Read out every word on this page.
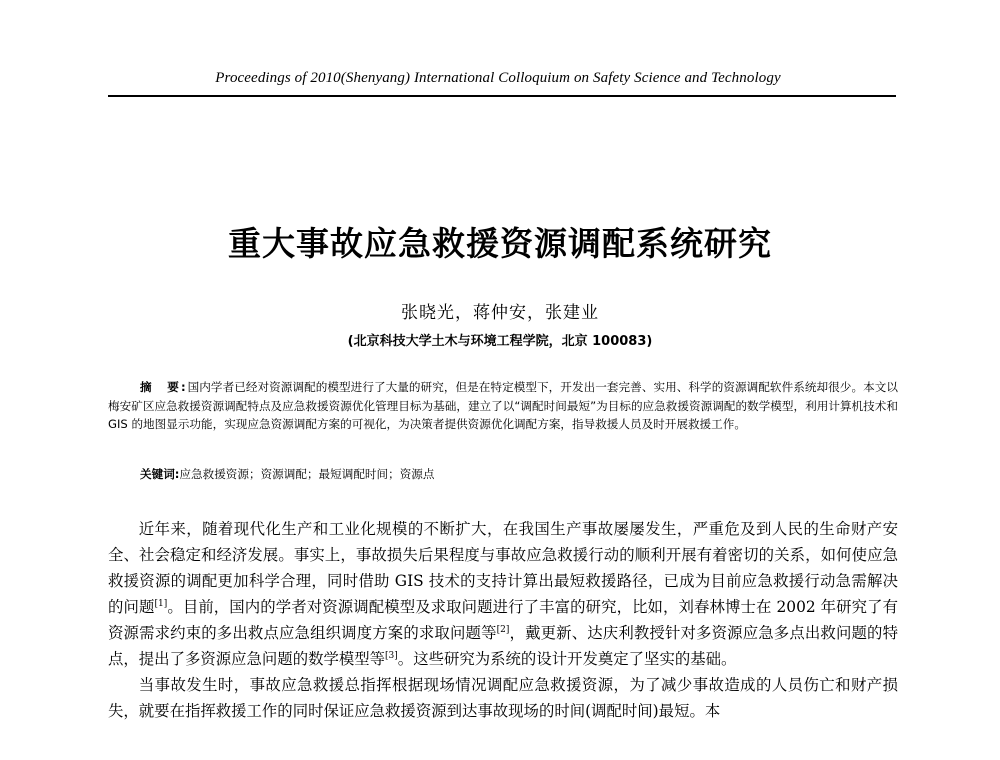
Proceedings of 2010(Shenyang) International Colloquium on Safety Science and Technology
重大事故应急救援资源调配系统研究
张晓光，蒋仲安，张建业
(北京科技大学土木与环境工程学院，北京 100083)
摘　要:国内学者已经对资源调配的模型进行了大量的研究，但是在特定模型下，开发出一套完善、实用、科学的资源调配软件系统却很少。本文以梅安矿区应急救援资源调配特点及应急救援资源优化管理目标为基础，建立了以“调配时间最短”为目标的应急救援资源调配的数学模型，利用计算机技术和 GIS 的地图显示功能，实现应急资源调配方案的可视化，为决策者提供资源优化调配方案，指导救援人员及时开展救援工作。
关键词:应急救援资源；资源调配；最短调配时间；资源点

近年来，随着现代化生产和工业化规模的不断扩大，在我国生产事故屡屡发生，严重危及到人民的生命财产安全、社会稳定和经济发展。事实上，事故损失后果程度与事故应急救援行动的顺利开展有着密切的关系，如何使应急救援资源的调配更加科学合理，同时借助 GIS 技术的支持计算出最短救援路径，已成为目前应急救援行动急需解决的问题[1]。目前，国内的学者对资源调配模型及求取问题进行了丰富的研究，比如，刘春林博士在 2002 年研究了有资源需求约束的多出救点应急组织调度方案的求取问题等[2]，戴更新、达庆利教授针对多资源应急多点出救问题的特点，提出了多资源应急问题的数学模型等[3]。这些研究为系统的设计开发奠定了坚实的基础。

当事故发生时，事故应急救援总指挥根据现场情况调配应急救援资源，为了减少事故造成的人员伤亡和财产损失，就要在指挥救援工作的同时保证应急救援资源到达事故现场的时间(调配时间)最短。本
